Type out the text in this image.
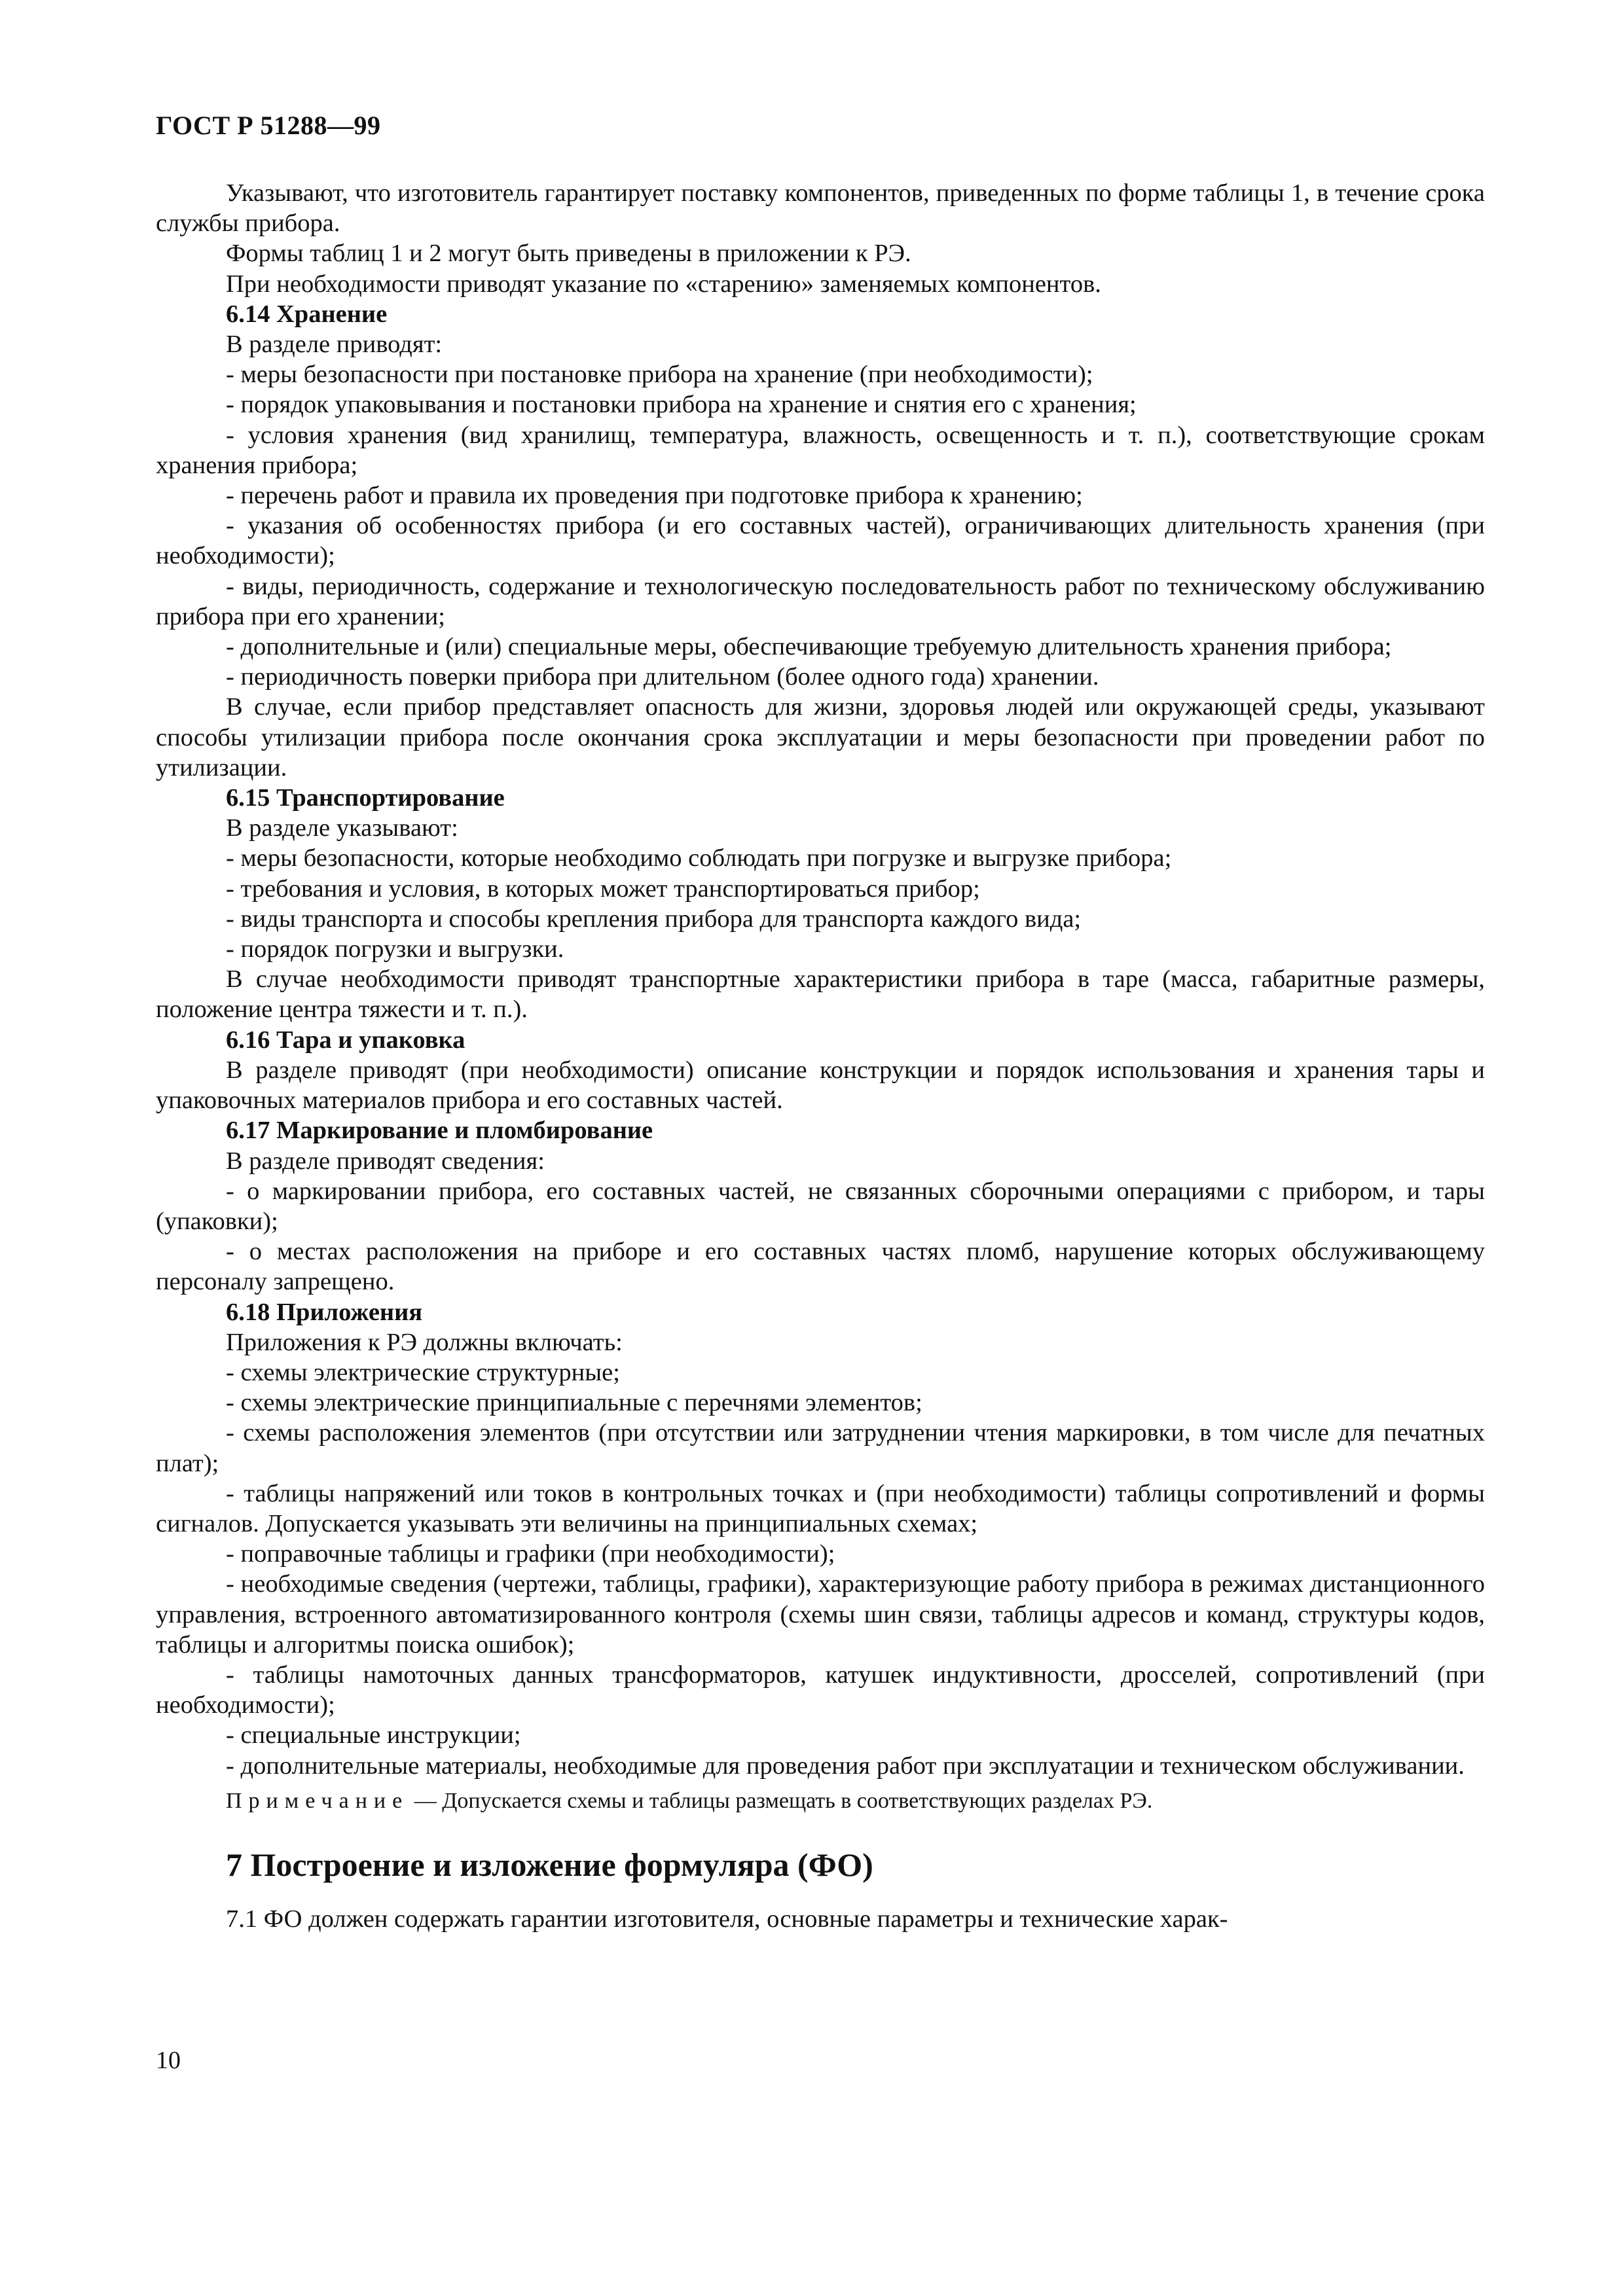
ГОСТ Р 51288—99

Указывают, что изготовитель гарантирует поставку компонентов, приведенных по форме таблицы 1, в течение срока службы прибора.

Формы таблиц 1 и 2 могут быть приведены в приложении к РЭ.

При необходимости приводят указание по «старению» заменяемых компонентов.

6.14 Хранение

В разделе приводят:

- меры безопасности при постановке прибора на хранение (при необходимости);

- порядок упаковывания и постановки прибора на хранение и снятия его с хранения;

- условия хранения (вид хранилищ, температура, влажность, освещенность и т. п.), соответствующие срокам хранения прибора;

- перечень работ и правила их проведения при подготовке прибора к хранению;

- указания об особенностях прибора (и его составных частей), ограничивающих длительность хранения (при необходимости);

- виды, периодичность, содержание и технологическую последовательность работ по техническому обслуживанию прибора при его хранении;

- дополнительные и (или) специальные меры, обеспечивающие требуемую длительность хранения прибора;

- периодичность поверки прибора при длительном (более одного года) хранении.

В случае, если прибор представляет опасность для жизни, здоровья людей или окружающей среды, указывают способы утилизации прибора после окончания срока эксплуатации и меры безопасности при проведении работ по утилизации.

6.15 Транспортирование

В разделе указывают:

- меры безопасности, которые необходимо соблюдать при погрузке и выгрузке прибора;

- требования и условия, в которых может транспортироваться прибор;

- виды транспорта и способы крепления прибора для транспорта каждого вида;

- порядок погрузки и выгрузки.

В случае необходимости приводят транспортные характеристики прибора в таре (масса, габаритные размеры, положение центра тяжести и т. п.).

6.16 Тара и упаковка

В разделе приводят (при необходимости) описание конструкции и порядок использования и хранения тары и упаковочных материалов прибора и его составных частей.

6.17 Маркирование и пломбирование

В разделе приводят сведения:

- о маркировании прибора, его составных частей, не связанных сборочными операциями с прибором, и тары (упаковки);

- о местах расположения на приборе и его составных частях пломб, нарушение которых обслуживающему персоналу запрещено.

6.18 Приложения

Приложения к РЭ должны включать:

- схемы электрические структурные;

- схемы электрические принципиальные с перечнями элементов;

- схемы расположения элементов (при отсутствии или затруднении чтения маркировки, в том числе для печатных плат);

- таблицы напряжений или токов в контрольных точках и (при необходимости) таблицы сопротивлений и формы сигналов. Допускается указывать эти величины на принципиальных схемах;

- поправочные таблицы и графики (при необходимости);

- необходимые сведения (чертежи, таблицы, графики), характеризующие работу прибора в режимах дистанционного управления, встроенного автоматизированного контроля (схемы шин связи, таблицы адресов и команд, структуры кодов, таблицы и алгоритмы поиска ошибок);

- таблицы намоточных данных трансформаторов, катушек индуктивности, дросселей, сопротивлений (при необходимости);

- специальные инструкции;

- дополнительные материалы, необходимые для проведения работ при эксплуатации и техническом обслуживании.

Примечание — Допускается схемы и таблицы размещать в соответствующих разделах РЭ.

7 Построение и изложение формуляра (ФО)

7.1 ФО должен содержать гарантии изготовителя, основные параметры и технические харак-

10
